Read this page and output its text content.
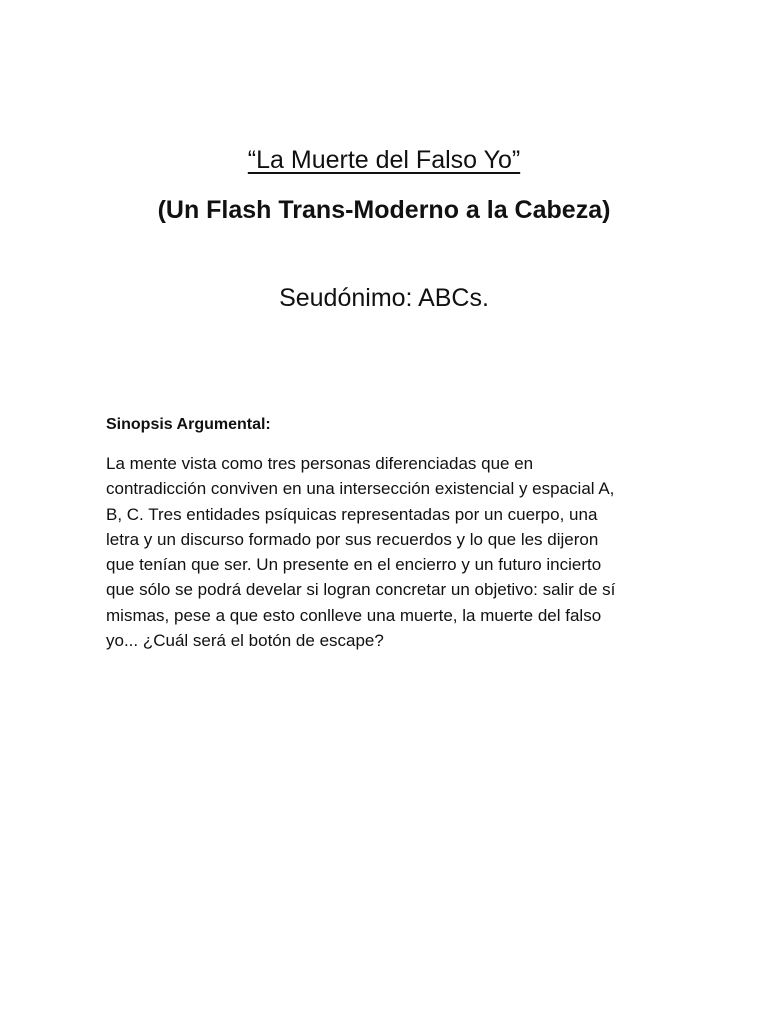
“La Muerte del Falso Yo”
(Un Flash Trans-Moderno a la Cabeza)

Seudónimo: ABCs.

Sinopsis Argumental:

La mente vista como tres personas diferenciadas que en
contradicción conviven en una intersección existencial y espacial A,
B, C. Tres entidades psíquicas representadas por un cuerpo, una
letra y un discurso formado por sus recuerdos y lo que les dijeron
que tenían que ser. Un presente en el encierro y un futuro incierto
que sólo se podrá develar si logran concretar un objetivo: salir de sí
mismas, pese a que esto conlleve una muerte, la muerte del falso
yo... ¿Cuál será el botón de escape?
